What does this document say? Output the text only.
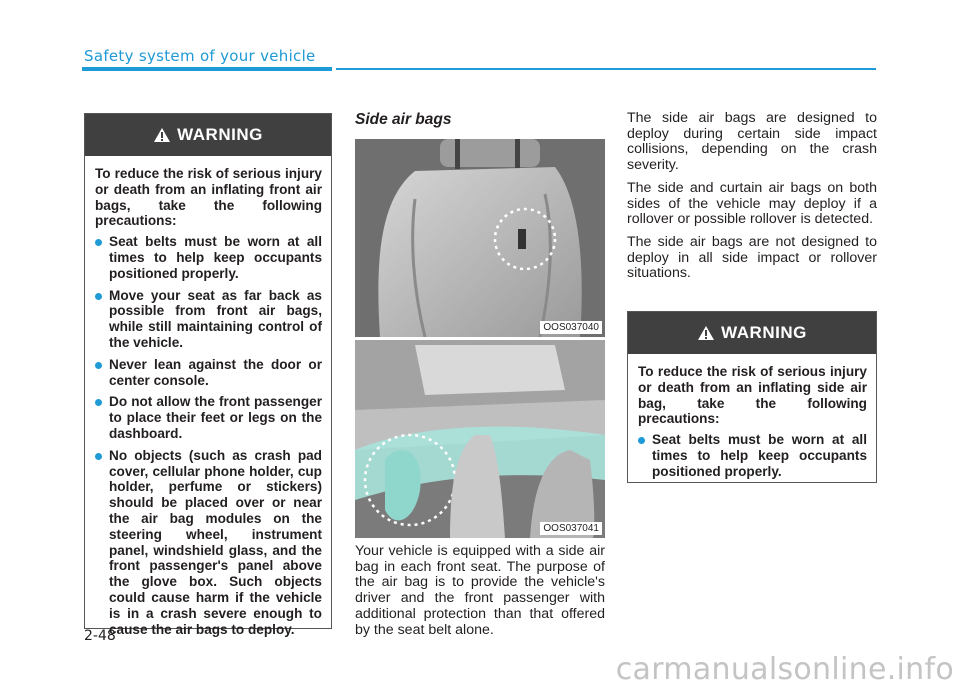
Safety system of your vehicle
WARNING

To reduce the risk of serious injury or death from an inflating front air bags, take the following precautions:

Seat belts must be worn at all times to help keep occupants positioned properly.
Move your seat as far back as possible from front air bags, while still maintaining control of the vehicle.
Never lean against the door or center console.
Do not allow the front passenger to place their feet or legs on the dashboard.
No objects (such as crash pad cover, cellular phone holder, cup holder, perfume or stickers) should be placed over or near the air bag modules on the steering wheel, instrument panel, windshield glass, and the front passenger's panel above the glove box. Such objects could cause harm if the vehicle is in a crash severe enough to cause the air bags to deploy.
Side air bags
OOS037040
OOS037041

Your vehicle is equipped with a side air bag in each front seat. The purpose of the air bag is to provide the vehicle's driver and the front passenger with additional protection than that offered by the seat belt alone.

The side air bags are designed to deploy during certain side impact collisions, depending on the crash severity.

The side and curtain air bags on both sides of the vehicle may deploy if a rollover or possible rollover is detected.

The side air bags are not designed to deploy in all side impact or rollover situations.

WARNING

To reduce the risk of serious injury or death from an inflating side air bag, take the following precautions:

Seat belts must be worn at all times to help keep occupants positioned properly.
2-48
carmanualsonline.info
